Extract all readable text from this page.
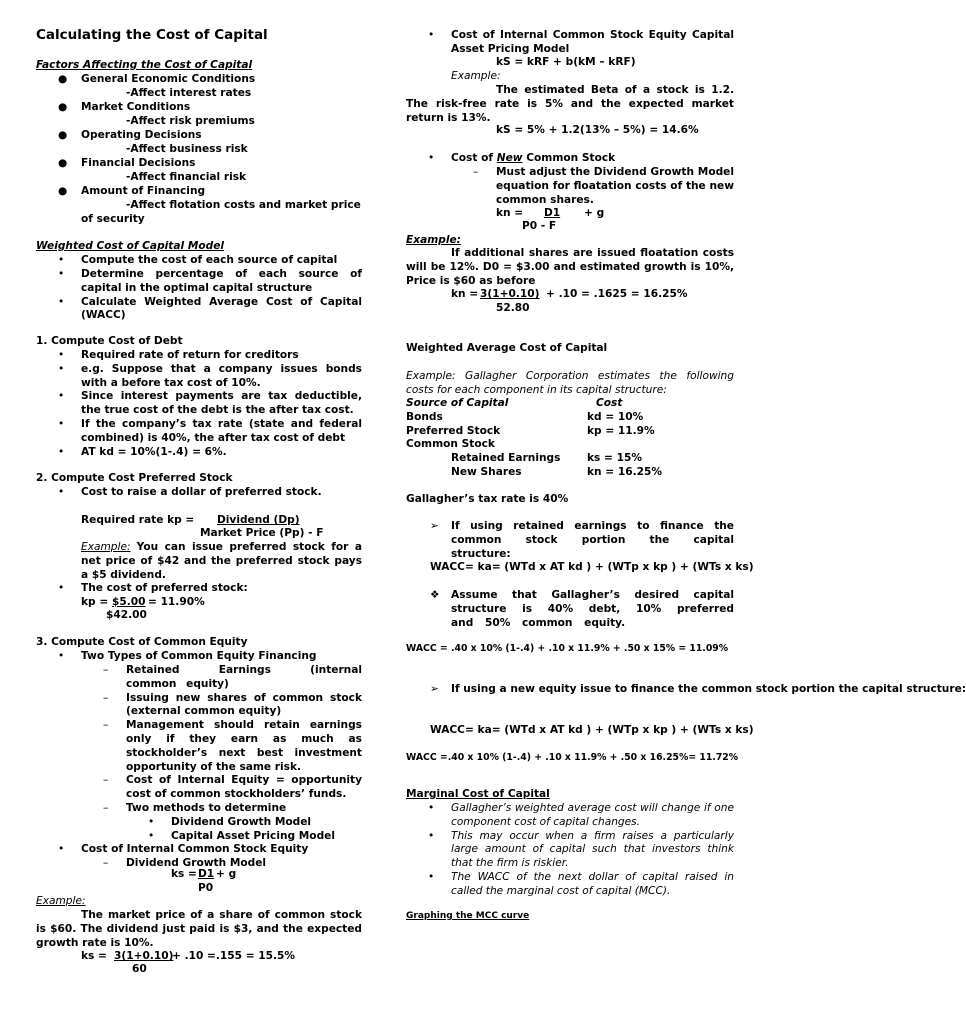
Calculating the Cost of Capital
Factors Affecting the Cost of Capital
● General Economic Conditions
-Affect interest rates
● Market Conditions
-Affect risk premiums
● Operating Decisions
-Affect business risk
● Financial Decisions
-Affect financial risk
● Amount of Financing
-Affect flotation costs and market price of security
Weighted Cost of Capital Model
• Compute the cost of each source of capital
• Determine percentage of each source of capital in the optimal capital structure
• Calculate Weighted Average Cost of Capital (WACC)
1. Compute Cost of Debt
• Required rate of return for creditors
• e.g. Suppose that a company issues bonds with a before tax cost of 10%.
• Since interest payments are tax deductible, the true cost of the debt is the after tax cost.
• If the company’s tax rate (state and federal combined) is 40%, the after tax cost of debt
• AT kd = 10%(1-.4) = 6%.
2. Compute Cost Preferred Stock
• Cost to raise a dollar of preferred stock.
Required rate kp = Dividend (Dp)
Market Price (Pp) - F
Example: You can issue preferred stock for a net price of $42 and the preferred stock pays a $5 dividend.
• The cost of preferred stock:
kp = $5.00 = 11.90%
$42.00
3. Compute Cost of Common Equity
• Two Types of Common Equity Financing
– Retained Earnings (internal common equity)
– Issuing new shares of common stock (external common equity)
– Management should retain earnings only if they earn as much as stockholder’s next best investment opportunity of the same risk.
– Cost of Internal Equity = opportunity cost of common stockholders’ funds.
– Two methods to determine
• Dividend Growth Model
• Capital Asset Pricing Model
• Cost of Internal Common Stock Equity
– Dividend Growth Model
ks = D1 + g
P0
Example:
The market price of a share of common stock is $60. The dividend just paid is $3, and the expected growth rate is 10%.
ks = 3(1+0.10)
+ .10 =.155 = 15.5%
60
• Cost of Internal Common Stock Equity Capital Asset Pricing Model
kS = kRF + b(kM – kRF)
Example:
The estimated Beta of a stock is 1.2. The risk-free rate is 5% and the expected market return is 13%.
kS = 5% + 1.2(13% – 5%) = 14.6%
• Cost of New Common Stock
– Must adjust the Dividend Growth Model equation for floatation costs of the new common shares.
kn = D1 + g
P0 - F
Example:
If additional shares are issued floatation costs will be 12%. D0 = $3.00 and estimated growth is 10%, Price is $60 as before
kn = 3(1+0.10) + .10 = .1625 = 16.25%
52.80
Weighted Average Cost of Capital
Example: Gallagher Corporation estimates the following costs for each component in its capital structure:
Source of Capital	Cost
Bonds	kd = 10%
Preferred Stock	kp = 11.9%
Common Stock
Retained Earnings	ks = 15%
New Shares	kn = 16.25%
Gallagher’s tax rate is 40%
➢ If using retained earnings to finance the common stock portion the capital structure:
WACC= ka= (WTd x AT kd ) + (WTp x kp ) + (WTs x ks)
❖ Assume that Gallagher’s desired capital structure is 40% debt, 10% preferred and 50% common equity.
WACC = .40 x 10% (1-.4) + .10 x 11.9% + .50 x 15% = 11.09%
➢ If using a new equity issue to finance the common stock portion the capital structure:
WACC= ka= (WTd x AT kd ) + (WTp x kp ) + (WTs x ks)
WACC =.40 x 10% (1-.4) + .10 x 11.9% + .50 x 16.25%= 11.72%
Marginal Cost of Capital
• Gallagher’s weighted average cost will change if one component cost of capital changes.
• This may occur when a firm raises a particularly large amount of capital such that investors think that the firm is riskier.
• The WACC of the next dollar of capital raised in called the marginal cost of capital (MCC).
Graphing the MCC curve
